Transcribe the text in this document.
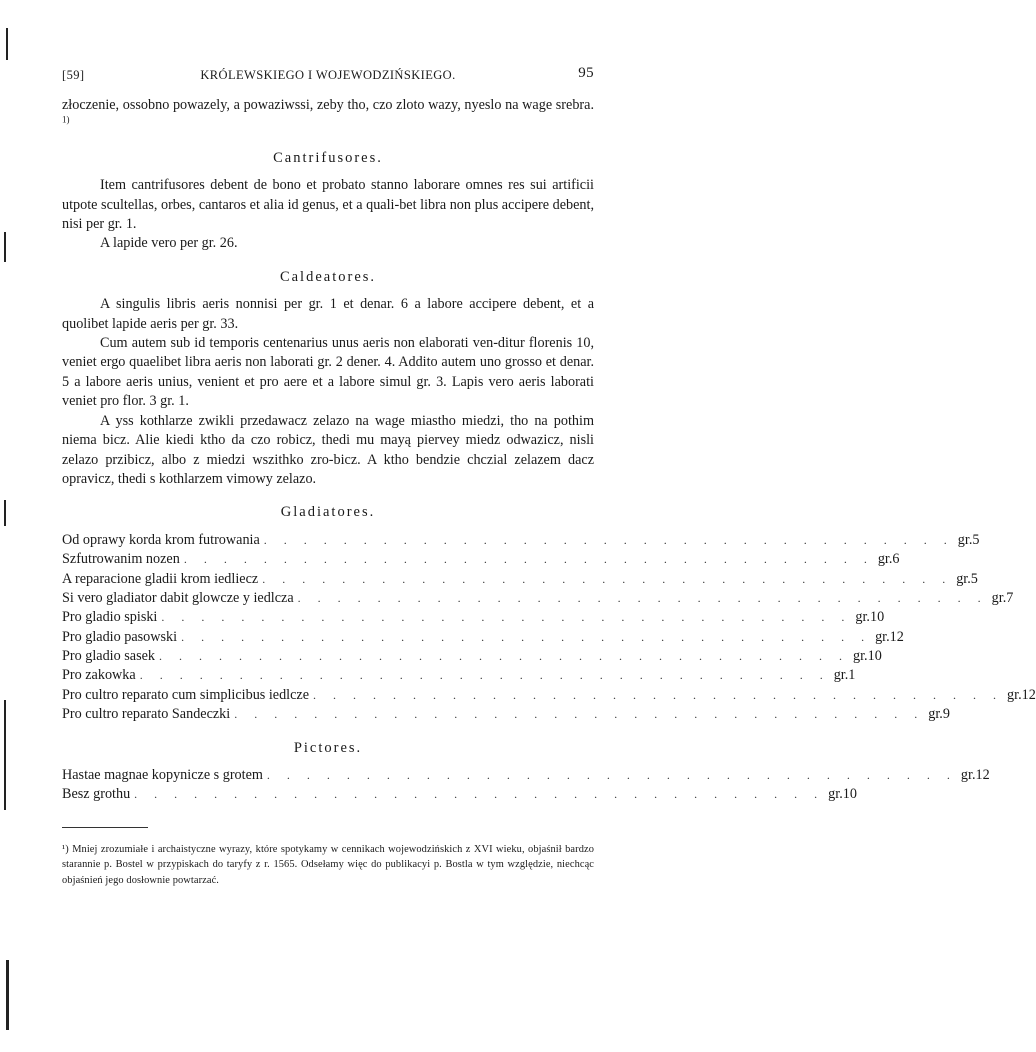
[59]	KRÓLEWSKIEGO I WOJEWODZIŃSKIEGO.	95

złoczenie, ossobno powazely, a powaziwssi, zeby tho, czo zloto wazy, nyeslo na wage srebra. $^{1)}$

Cantrifusores.

Item cantrifusores debent de bono et probato stanno laborare omnes res sui artificii utpote scultellas, orbes, cantaros et alia id genus, et a quali-bet libra non plus accipere debent, nisi per gr. 1.

A lapide vero per gr. 26.

Caldeatores.

A singulis libris aeris nonnisi per gr. 1 et denar. 6 a labore accipere debent, et a quolibet lapide aeris per gr. 33.

Cum autem sub id temporis centenarius unus aeris non elaborati ven-ditur florenis 10, veniet ergo quaelibet libra aeris non laborati gr. 2 dener. 4. Addito autem uno grosso et denar. 5 a labore aeris unius, venient et pro aere et a labore simul gr. 3. Lapis vero aeris laborati veniet pro flor. 3 gr. 1.

A yss kothlarze zwikli przedawacz zelazo na wage miastho miedzi, tho na pothim niema bicz. Alie kiedi ktho da czo robicz, thedi mu mayą piervey miedz odwazicz, nisli zelazo przibicz, albo z miedzi wszithko zro-bicz. A ktho bendzie chczial zelazem dacz opravicz, thedi s kothlarzem vimowy zelazo.

Gladiatores.
Od oprawy korda krom futrowania . . . . . . . . . . . . . . . . . . . . . . . . . . . . . . . . . . . gr. 5
Szfutrowanim nozen . . . . . . . . . . . . . . . . . . . . . . . . . . . . . . . . . . . gr. 6
A reparacione gladii krom iedliecz . . . . . . . . . . . . . . . . . . . . . . . . . . . . . . . . . . . gr. 5
Si vero gladiator dabit glowcze y iedlcza . . . . . . . . . . . . . . . . . . . . . . . . . . . . . . . . . . . gr. 7
Pro gladio spiski . . . . . . . . . . . . . . . . . . . . . . . . . . . . . . . . . . . gr. 10
Pro gladio pasowski . . . . . . . . . . . . . . . . . . . . . . . . . . . . . . . . . . . gr. 12
Pro gladio sasek . . . . . . . . . . . . . . . . . . . . . . . . . . . . . . . . . . . gr. 10
Pro zakowka . . . . . . . . . . . . . . . . . . . . . . . . . . . . . . . . . . . gr. 1
Pro cultro reparato cum simplicibus iedlcze . . . . . . . . . . . . . . . . . . . . . . . . . . . . . . . . . . . gr. 12
Pro cultro reparato Sandeczki . . . . . . . . . . . . . . . . . . . . . . . . . . . . . . . . . . . gr. 9
Pictores.
Hastae magnae kopynicze s grotem . . . . . . . . . . . . . . . . . . . . . . . . . . . . . . . . . . . gr. 12
Besz grothu . . . . . . . . . . . . . . . . . . . . . . . . . . . . . . . . . . . gr. 10

¹) Mniej zrozumiałe i archaistyczne wyrazy, które spotykamy w cennikach wojewodzińskich z XVI wieku, objaśnił bardzo starannie p. Bostel w przypiskach do taryfy z r. 1565. Odsełamy więc do publikacyi p. Bostla w tym względzie, niechcąc objaśnień jego dosłownie powtarzać.
